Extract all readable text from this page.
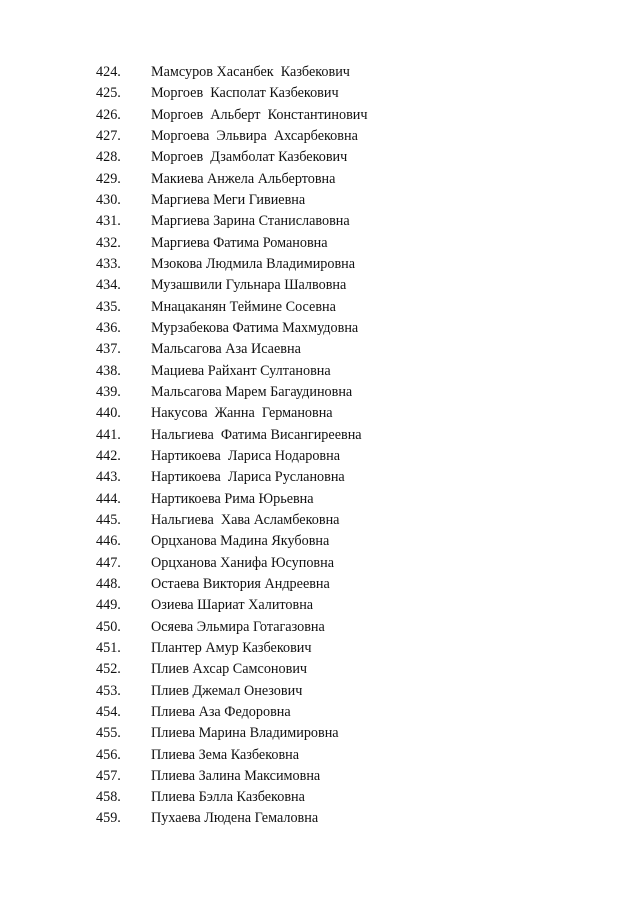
424. Мамсуров Хасанбек  Казбекович
425. Моргоев  Касполат Казбекович
426. Моргоев  Альберт  Константинович
427. Моргоева  Эльвира  Ахсарбековна
428. Моргоев  Дзамболат Казбекович
429. Макиева Анжела Альбертовна
430. Маргиева Меги Гивиевна
431. Маргиева Зарина Станиславовна
432. Маргиева Фатима Романовна
433. Мзокова Людмила Владимировна
434. Музашвили Гульнара Шалвовна
435. Мнацаканян Теймине Сосевна
436. Мурзабекова Фатима Махмудовна
437. Мальсагова Аза Исаевна
438. Мациева Райхант Султановна
439. Мальсагова Марем Багаудиновна
440. Накусова  Жанна  Германовна
441. Нальгиева  Фатима Висангиреевна
442. Нартикоева  Лариса Нодаровна
443. Нартикоева  Лариса Руслановна
444. Нартикоева Рима Юрьевна
445. Нальгиева  Хава Асламбековна
446. Орцханова Мадина Якубовна
447. Орцханова Ханифа Юсуповна
448. Остаева Виктория Андреевна
449. Озиева Шариат Халитовна
450. Осяева Эльмира Готагазовна
451. Плантер Амур Казбекович
452. Плиев Ахсар Самсонович
453. Плиев Джемал Онезович
454. Плиева Аза Федоровна
455. Плиева Марина Владимировна
456. Плиева Зема Казбековна
457. Плиева Залина Максимовна
458. Плиева Бэлла Казбековна
459. Пухаева Людена Гемаловна
